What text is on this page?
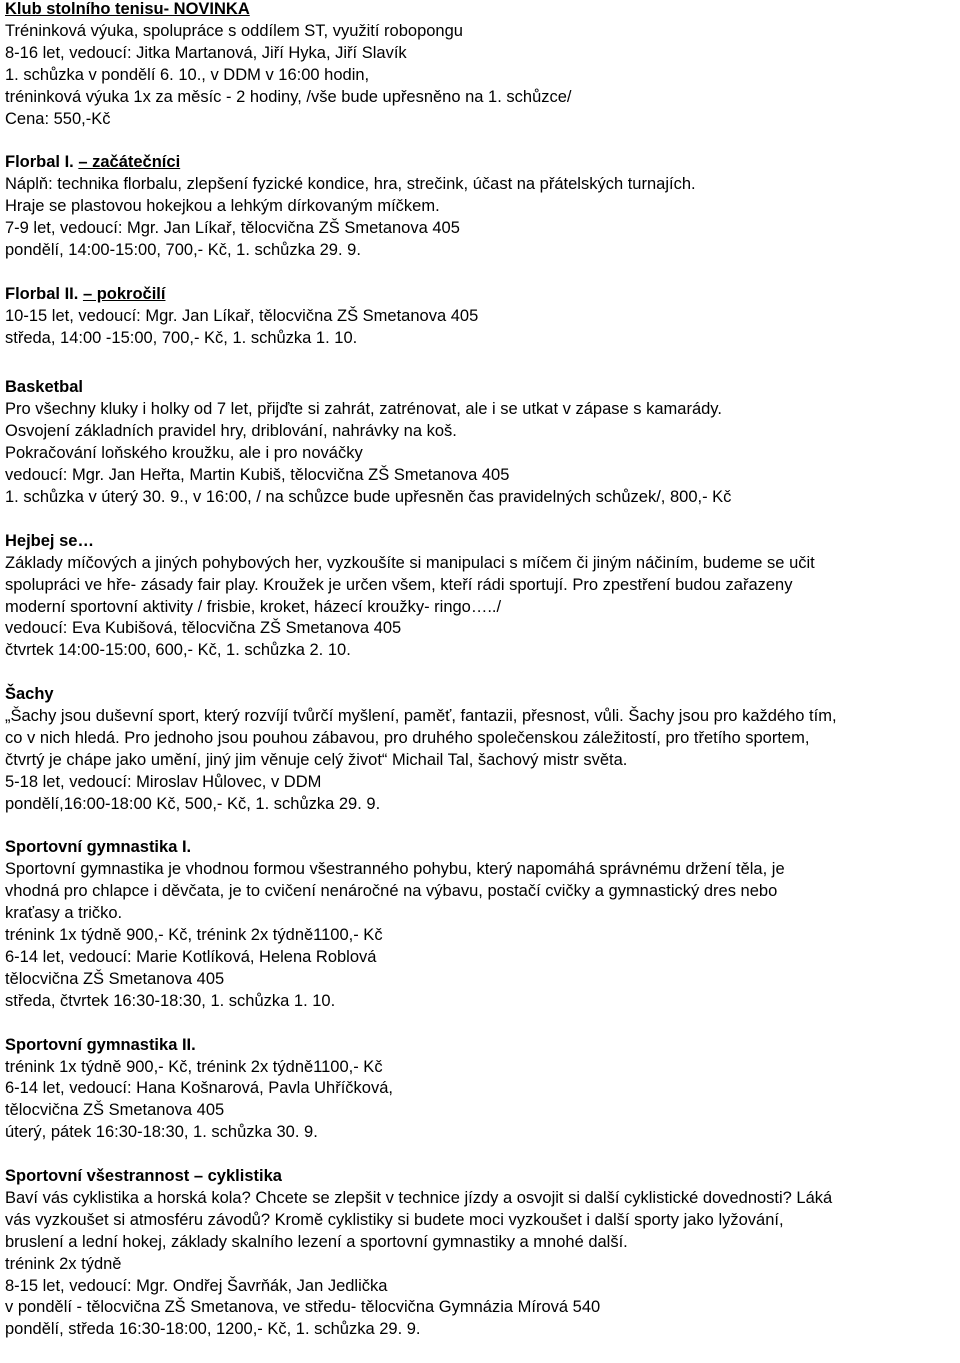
Klub stolního tenisu- NOVINKA
Tréninková výuka, spolupráce s oddílem ST, využití robopongu
8-16 let, vedoucí: Jitka Martanová, Jiří Hyka, Jiří Slavík
1. schůzka v pondělí 6. 10., v DDM v 16:00 hodin,
tréninková výuka 1x za měsíc - 2 hodiny, /vše bude upřesněno na 1. schůzce/
Cena: 550,-Kč
Florbal I. – začátečníci
Náplň: technika florbalu, zlepšení fyzické kondice, hra, strečink, účast na přátelských turnajích.
Hraje se plastovou hokejkou a lehkým dírkovaným míčkem.
7-9 let, vedoucí: Mgr. Jan Líkař, tělocvična ZŠ Smetanova 405
pondělí, 14:00-15:00, 700,- Kč, 1. schůzka 29. 9.
Florbal II. – pokročilí
10-15 let, vedoucí: Mgr. Jan Líkař, tělocvična ZŠ Smetanova 405
středa, 14:00 -15:00, 700,- Kč, 1. schůzka 1. 10.
Basketbal
Pro všechny kluky i holky od 7 let, přijďte si zahrát, zatrénovat, ale i se utkat v zápase s kamarády.
Osvojení základních pravidel hry, driblování, nahrávky na koš.
Pokračování loňského kroužku, ale i pro nováčky
vedoucí: Mgr. Jan Heřta, Martin Kubiš, tělocvična ZŠ Smetanova 405
1. schůzka v úterý 30. 9., v 16:00, / na schůzce bude upřesněn čas pravidelných schůzek/, 800,- Kč
Hejbej se…
Základy míčových a jiných pohybových her, vyzkoušíte si manipulaci s míčem či jiným náčiním, budeme se učit
spolupráci ve hře- zásady fair play. Kroužek je určen všem, kteří rádi sportují. Pro zpestření budou zařazeny
moderní sportovní aktivity / frisbie, kroket, házecí kroužky- ringo…../
vedoucí: Eva Kubišová, tělocvična ZŠ Smetanova 405
čtvrtek 14:00-15:00, 600,- Kč, 1. schůzka 2. 10.
Šachy
„Šachy jsou duševní sport, který rozvíjí tvůrčí myšlení, paměť, fantazii, přesnost, vůli. Šachy jsou pro každého tím,
co v nich hledá. Pro jednoho jsou pouhou zábavou, pro druhého společenskou záležitostí, pro třetího sportem,
čtvrtý je chápe jako umění, jiný jim věnuje celý život“ Michail Tal, šachový mistr světa.
5-18 let, vedoucí: Miroslav Hůlovec, v DDM
pondělí,16:00-18:00 Kč, 500,- Kč, 1. schůzka 29. 9.
Sportovní gymnastika I.
Sportovní gymnastika je vhodnou formou všestranného pohybu, který napomáhá správnému držení těla, je
vhodná pro chlapce i děvčata, je to cvičení nenáročné na výbavu, postačí cvičky a gymnastický dres nebo
kraťasy a tričko.
trénink 1x týdně 900,- Kč, trénink 2x týdně1100,- Kč
6-14 let, vedoucí: Marie Kotlíková, Helena Roblová
tělocvična ZŠ Smetanova 405
středa, čtvrtek 16:30-18:30, 1. schůzka 1. 10.
Sportovní gymnastika II.
trénink 1x týdně 900,- Kč, trénink 2x týdně1100,- Kč
6-14 let, vedoucí: Hana Košnarová, Pavla Uhříčková,
tělocvična ZŠ Smetanova 405
úterý, pátek 16:30-18:30, 1. schůzka 30. 9.
Sportovní všestrannost – cyklistika
Baví vás cyklistika a horská kola? Chcete se zlepšit v technice jízdy a osvojit si další cyklistické dovednosti? Láká
vás vyzkoušet si atmosféru závodů? Kromě cyklistiky si budete moci vyzkoušet i další sporty jako lyžování,
bruslení a lední hokej, základy skalního lezení a sportovní gymnastiky a mnohé další.
trénink 2x týdně
8-15 let, vedoucí: Mgr. Ondřej Šavrňák, Jan Jedlička
v pondělí - tělocvična ZŠ Smetanova, ve středu- tělocvična Gymnázia Mírová 540
pondělí, středa 16:30-18:00, 1200,- Kč, 1. schůzka 29. 9.
